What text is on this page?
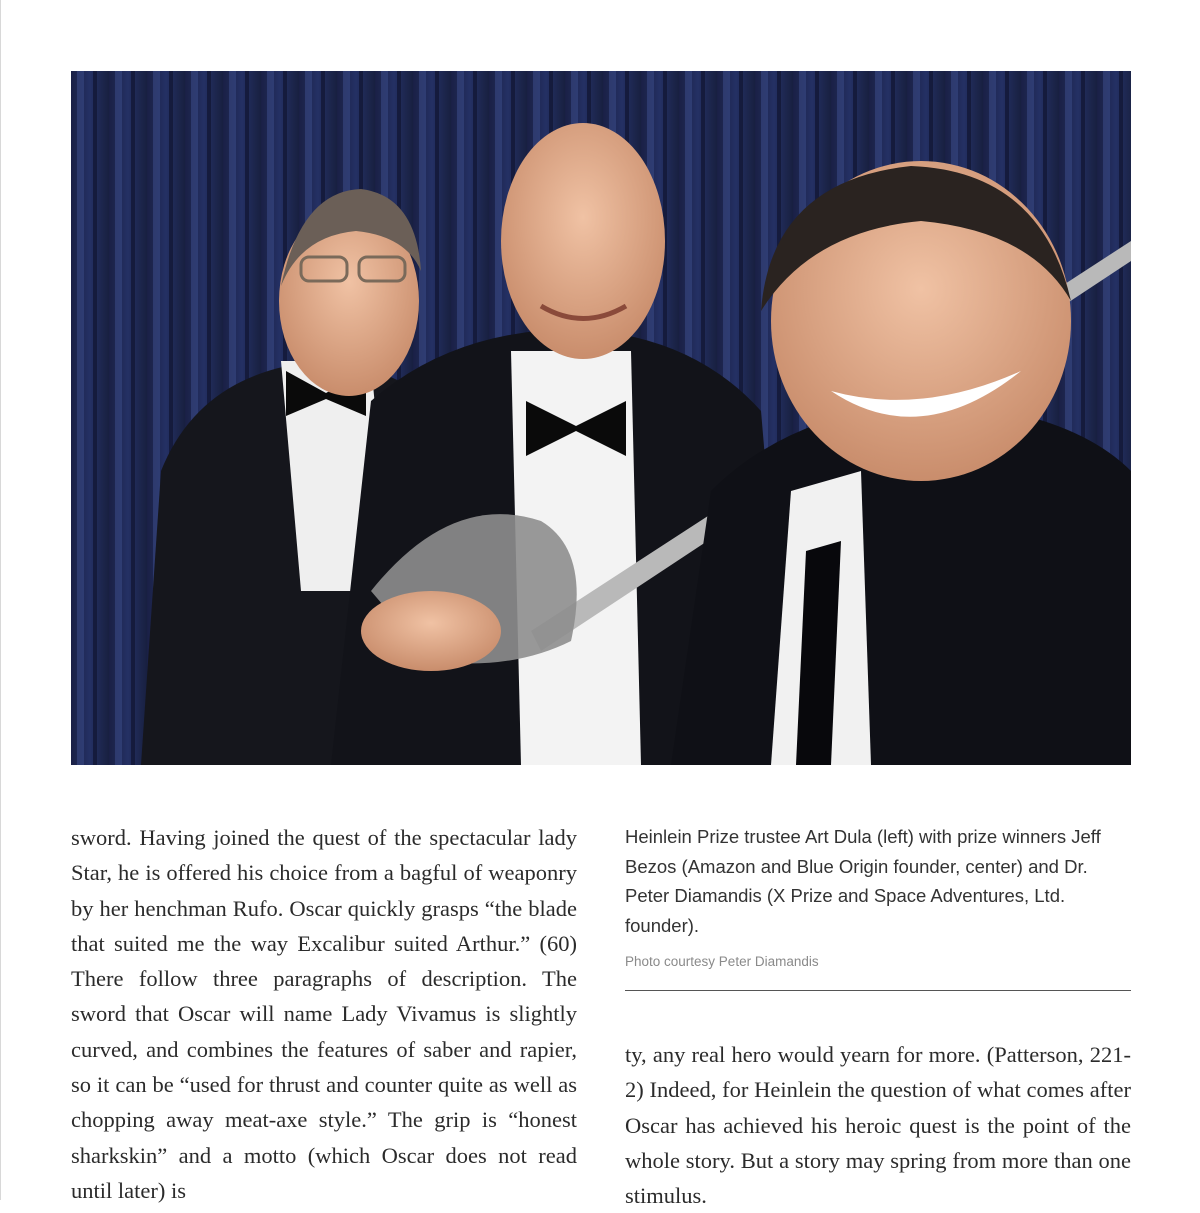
sword. Having joined the quest of the spectacular lady Star, he is offered his choice from a bagful of weaponry by her henchman Rufo. Oscar quickly grasps “the blade that suited me the way Excalibur suited Arthur.” (60) There follow three paragraphs of description. The sword that Oscar will name Lady Vivamus is slightly curved, and combines the features of saber and rapier, so it can be “used for thrust and counter quite as well as chopping away meat-axe style.” The grip is “honest sharkskin” and a motto (which Oscar does not read until later) is

Heinlein Prize trustee Art Dula (left) with prize winners Jeff Bezos (Amazon and Blue Origin founder, center) and Dr. Peter Diamandis (X Prize and Space Adventures, Ltd. founder).

Photo courtesy Peter Diamandis

ty, any real hero would yearn for more. (Patterson, 221-2) Indeed, for Heinlein the question of what comes after Oscar has achieved his heroic quest is the point of the whole story. But a story may spring from more than one stimulus.
